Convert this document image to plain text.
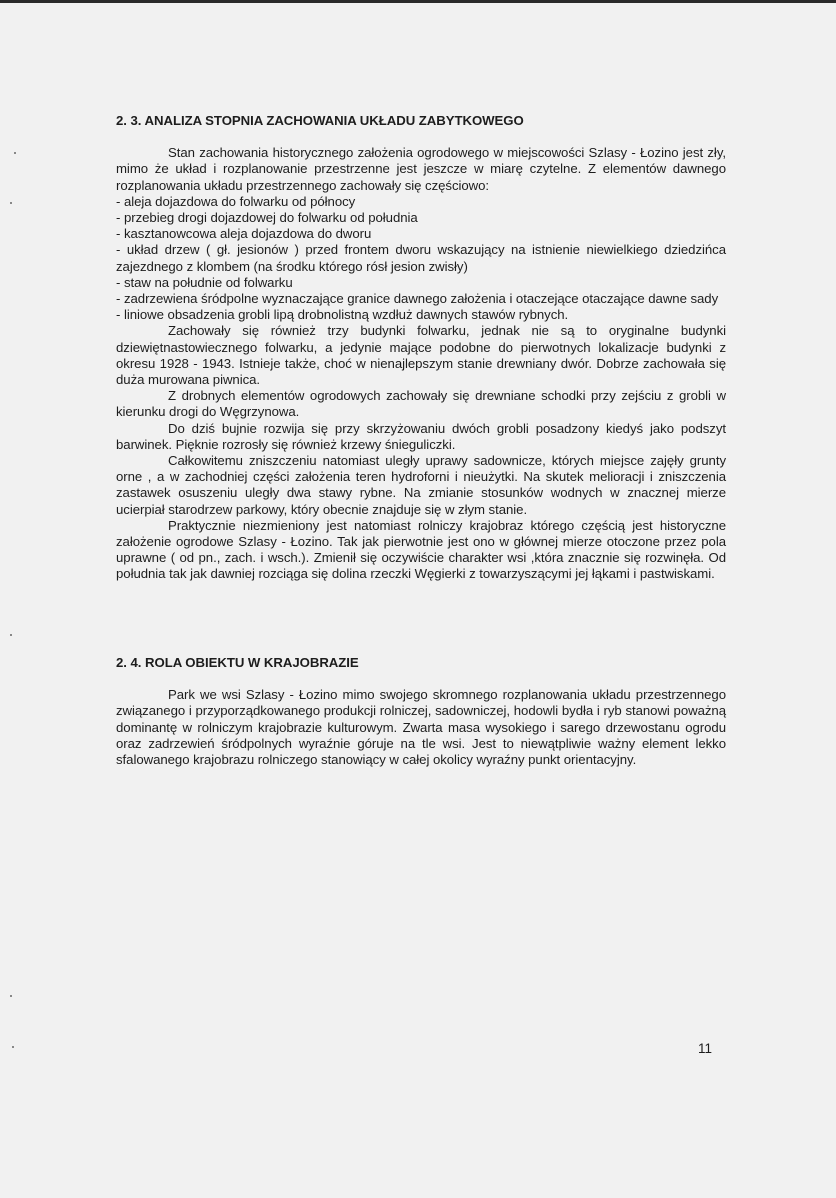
2. 3. ANALIZA STOPNIA ZACHOWANIA UKŁADU ZABYTKOWEGO

Stan zachowania historycznego założenia ogrodowego w miejscowości Szlasy - Łozino jest zły, mimo że układ i rozplanowanie przestrzenne jest jeszcze w miarę czytelne. Z elementów dawnego rozplanowania układu przestrzennego zachowały się częściowo:

- aleja dojazdowa do folwarku od północy

- przebieg drogi dojazdowej do folwarku od południa

- kasztanowcowa aleja dojazdowa do dworu

- układ drzew ( gł. jesionów ) przed frontem dworu wskazujący na istnienie niewielkiego dziedzińca zajezdnego z klombem (na środku którego rósł jesion zwisły)

- staw na południe od folwarku

- zadrzewiena śródpolne wyznaczające granice dawnego założenia i otaczejące otaczające dawne sady

- liniowe obsadzenia grobli lipą drobnolistną wzdłuż dawnych stawów rybnych.

Zachowały się również trzy budynki folwarku, jednak nie są to oryginalne budynki dziewiętnastowiecznego folwarku, a jedynie mające podobne do pierwotnych lokalizacje budynki z okresu 1928 - 1943. Istnieje także, choć w nienajlepszym stanie drewniany dwór. Dobrze zachowała się duża murowana piwnica.

Z drobnych elementów ogrodowych zachowały się drewniane schodki przy zejściu z grobli w kierunku drogi do Węgrzynowa.

Do dziś bujnie rozwija się przy skrzyżowaniu dwóch grobli posadzony kiedyś jako podszyt barwinek. Pięknie rozrosły się również krzewy śnieguliczki.

Całkowitemu zniszczeniu natomiast uległy uprawy sadownicze, których miejsce zajęły grunty orne , a w zachodniej części założenia teren hydroforni i nieużytki. Na skutek melioracji i zniszczenia zastawek osuszeniu uległy dwa stawy rybne. Na zmianie stosunków wodnych w znacznej mierze ucierpiał starodrzew parkowy, który obecnie znajduje się w złym stanie.

Praktycznie niezmieniony jest natomiast rolniczy krajobraz którego częścią jest historyczne założenie ogrodowe Szlasy - Łozino. Tak jak pierwotnie jest ono w głównej mierze otoczone przez pola uprawne ( od pn., zach. i wsch.). Zmienił się oczywiście charakter wsi ,która znacznie się rozwinęła. Od południa tak jak dawniej rozciąga się dolina rzeczki Węgierki z towarzyszącymi jej łąkami i pastwiskami.

2. 4. ROLA OBIEKTU W KRAJOBRAZIE

Park we wsi Szlasy - Łozino mimo swojego skromnego rozplanowania układu przestrzennego związanego i przyporządkowanego produkcji rolniczej, sadowniczej, hodowli bydła i ryb stanowi poważną dominantę w rolniczym krajobrazie kulturowym. Zwarta masa wysokiego i sarego drzewostanu ogrodu oraz zadrzewień śródpolnych wyraźnie góruje na tle wsi. Jest to niewątpliwie ważny element lekko sfalowanego krajobrazu rolniczego stanowiący w całej okolicy wyraźny punkt orientacyjny.

11
